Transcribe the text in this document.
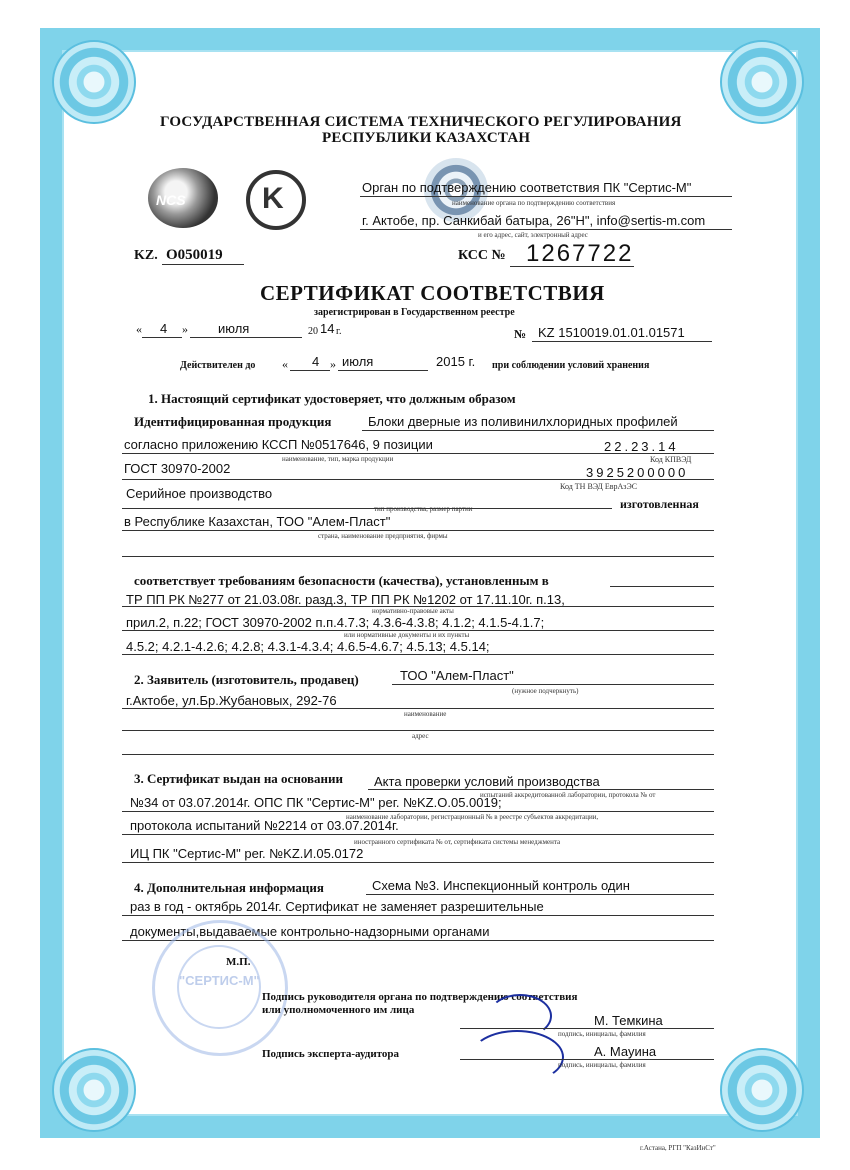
ГОСУДАРСТВЕННАЯ СИСТЕМА ТЕХНИЧЕСКОГО РЕГУЛИРОВАНИЯ
РЕСПУБЛИКИ КАЗАХСТАН
NCS	K	Орган по подтверждению соответствия ПК "Сертис-М"
наименование органа по подтверждению соответствия
г. Актобе, пр. Санкибай батыра, 26"Н", info@sertis-m.com
и его адрес, сайт, электронный адрес
KZ. О050019	КСС № 1267722
СЕРТИФИКАТ СООТВЕТСТВИЯ
зарегистрирован в Государственном реестре
« 4 » июля	20 14 г.	№ KZ 1510019.01.01.01571
Действителен до « 4 » июля	2015 г. при соблюдении условий хранения
1. Настоящий сертификат удостоверяет, что должным образом
Идентифицированная продукция	Блоки дверные из поливинилхлоридных профилей
согласно приложению КССП №0517646, 9 позиции	22.23.14
наименование, тип, марка продукции	Код КПВЭД
ГОСТ 30970-2002	3925200000
Код ТН ВЭД ЕврАзЭС
Серийное производство
изготовленная
тип производства, размер партии
в Республике Казахстан, ТОО "Алем-Пласт"
страна, наименование предприятия, фирмы
соответствует требованиям безопасности (качества), установленным в
ТР ПП РК №277 от 21.03.08г. разд.3, ТР ПП РК №1202 от 17.11.10г. п.13,
нормативно-правовые акты
прил.2, п.22; ГОСТ 30970-2002 п.п.4.7.3; 4.3.6-4.3.8; 4.1.2; 4.1.5-4.1.7;
или нормативные документы и их пункты
4.5.2; 4.2.1-4.2.6; 4.2.8; 4.3.1-4.3.4; 4.6.5-4.6.7; 4.5.13; 4.5.14;
2. Заявитель (изготовитель, продавец)	ТОО "Алем-Пласт"
(нужное подчеркнуть)
г.Актобе, ул.Бр.Жубановых, 292-76
наименование
адрес
3. Сертификат выдан на основании Акта проверки условий производства
испытаний аккредитованной лаборатории, протокола № от
№34 от 03.07.2014г. ОПС ПК "Сертис-М" рег. №KZ.O.05.0019;
наименование лаборатории, регистрационный № в реестре субъектов аккредитации,
протокола испытаний №2214 от 03.07.2014г.
иностранного сертификата № от, сертификата системы менеджмента
ИЦ ПК "Сертис-М" рег. №KZ.И.05.0172
4. Дополнительная информация	Схема №3. Инспекционный контроль один
раз в год - октябрь 2014г. Сертификат не заменяет разрешительные
документы,выдаваемые контрольно-надзорными органами
"СЕРТИС-М"
М.П.
Подпись руководителя органа по подтверждению соответствия
или уполномоченного им лица
М. Темкина
подпись, инициалы, фамилия
Подпись эксперта-аудитора	А. Мауина
подпись, инициалы, фамилия
г.Астана, РГП "КазИнСт"
